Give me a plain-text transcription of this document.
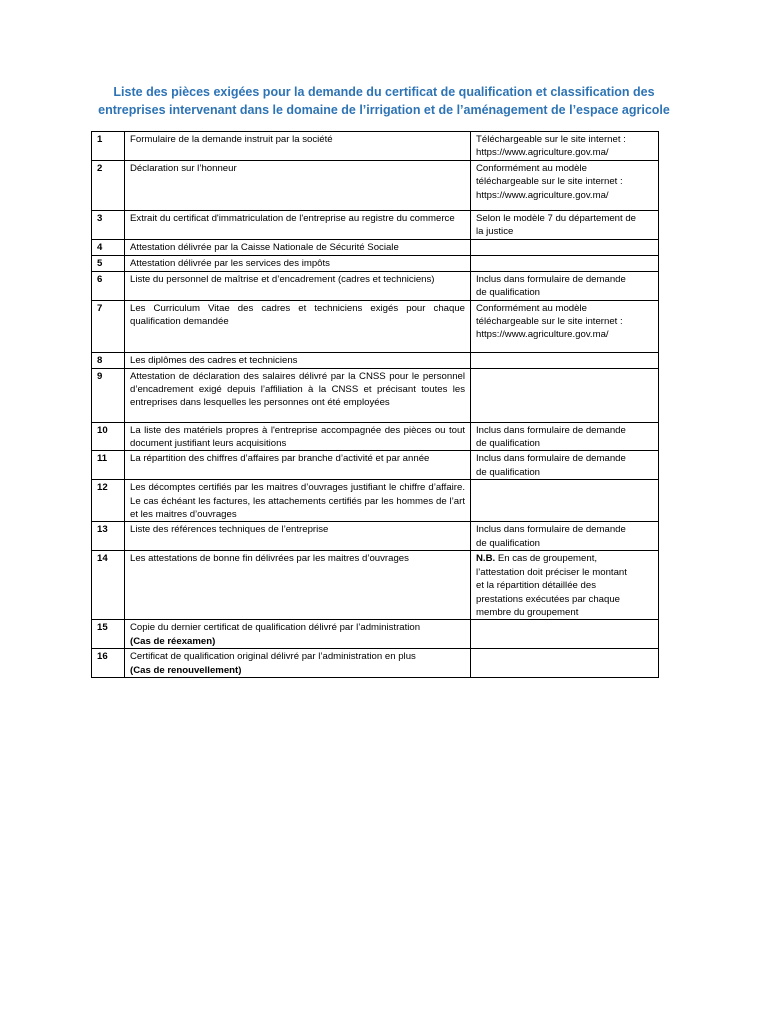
Liste des pièces exigées pour la demande du certificat de qualification et classification des
entreprises intervenant dans le domaine de l’irrigation et de l’aménagement de l’espace agricole
1	Formulaire de la demande instruit par la société	Téléchargeable sur le site internet :
https://www.agriculture.gov.ma/
2	Déclaration sur l’honneur	Conformément au modèle
téléchargeable sur le site internet :
https://www.agriculture.gov.ma/
3	Extrait du certificat d'immatriculation de l'entreprise au registre du commerce	Selon le modèle 7 du département de
la justice
4	Attestation délivrée par la Caisse Nationale de Sécurité Sociale	
5	Attestation délivrée par les services des impôts	
6	Liste du personnel de maîtrise et d’encadrement (cadres et techniciens)	Inclus dans formulaire de demande
de qualification
7	Les Curriculum Vitae des cadres et techniciens exigés pour chaque qualification demandée	Conformément au modèle
téléchargeable sur le site internet :
https://www.agriculture.gov.ma/
8	Les diplômes des cadres et techniciens	
9	Attestation de déclaration des salaires délivré par la CNSS pour le personnel d’encadrement exigé depuis l’affiliation à la CNSS et précisant toutes les entreprises dans lesquelles les personnes ont été employées	
10	La liste des matériels propres à l'entreprise accompagnée des pièces ou tout document justifiant leurs acquisitions	Inclus dans formulaire de demande
de qualification
11	La répartition des chiffres d’affaires par branche d’activité et par année	Inclus dans formulaire de demande
de qualification
12	Les décomptes certifiés par les maitres d’ouvrages justifiant le chiffre d’affaire. Le cas échéant les factures, les attachements certifiés par les hommes de l’art et les maitres d’ouvrages	
13	Liste des références techniques de l’entreprise	Inclus dans formulaire de demande
de qualification
14	Les attestations de bonne fin délivrées par les maitres d’ouvrages	N.B. En cas de groupement,
l’attestation doit préciser le montant
et la répartition détaillée des
prestations exécutées par chaque
membre du groupement
15	Copie du dernier certificat de qualification délivré par l’administration
(Cas de réexamen)	
16	Certificat de qualification original délivré par l’administration en plus
(Cas de renouvellement)	
